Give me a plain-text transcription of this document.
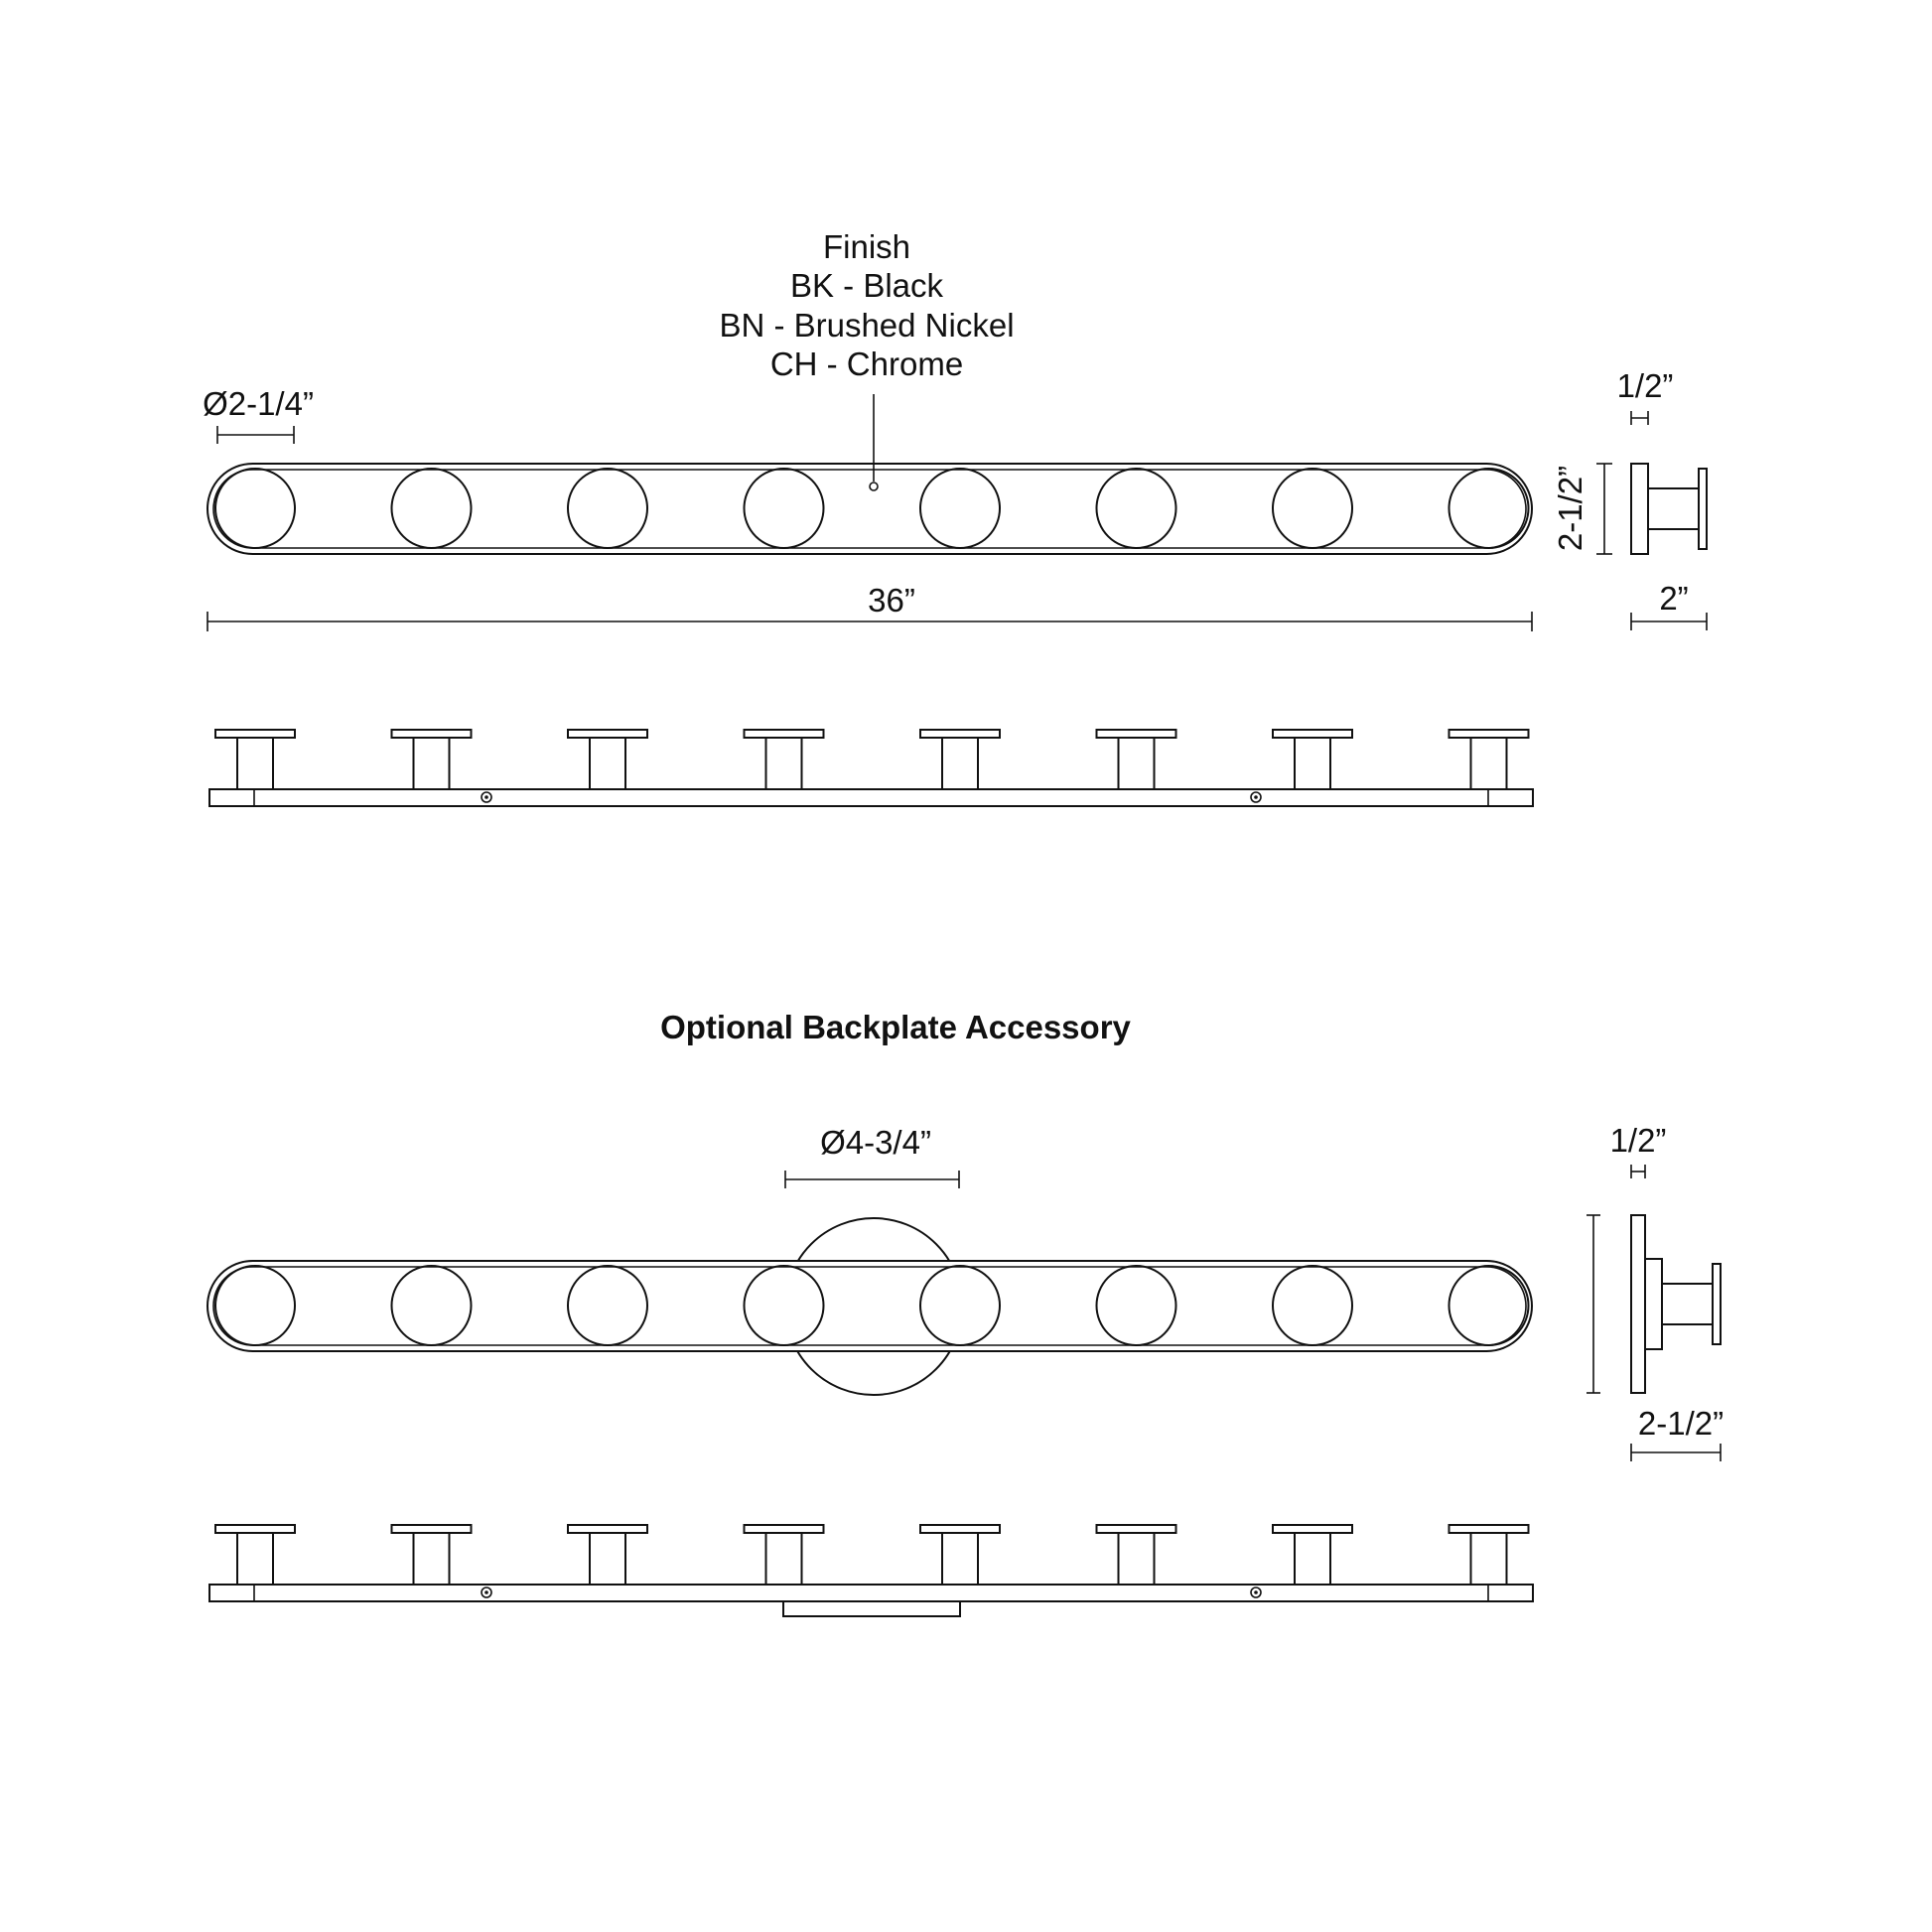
Finish
BK - Black
BN - Brushed Nickel
CH - Chrome
Ø2-1/4”
36”
1/2”
2-1/2”
2”
Optional Backplate Accessory
Ø4-3/4”	1/2”
2-1/2”
